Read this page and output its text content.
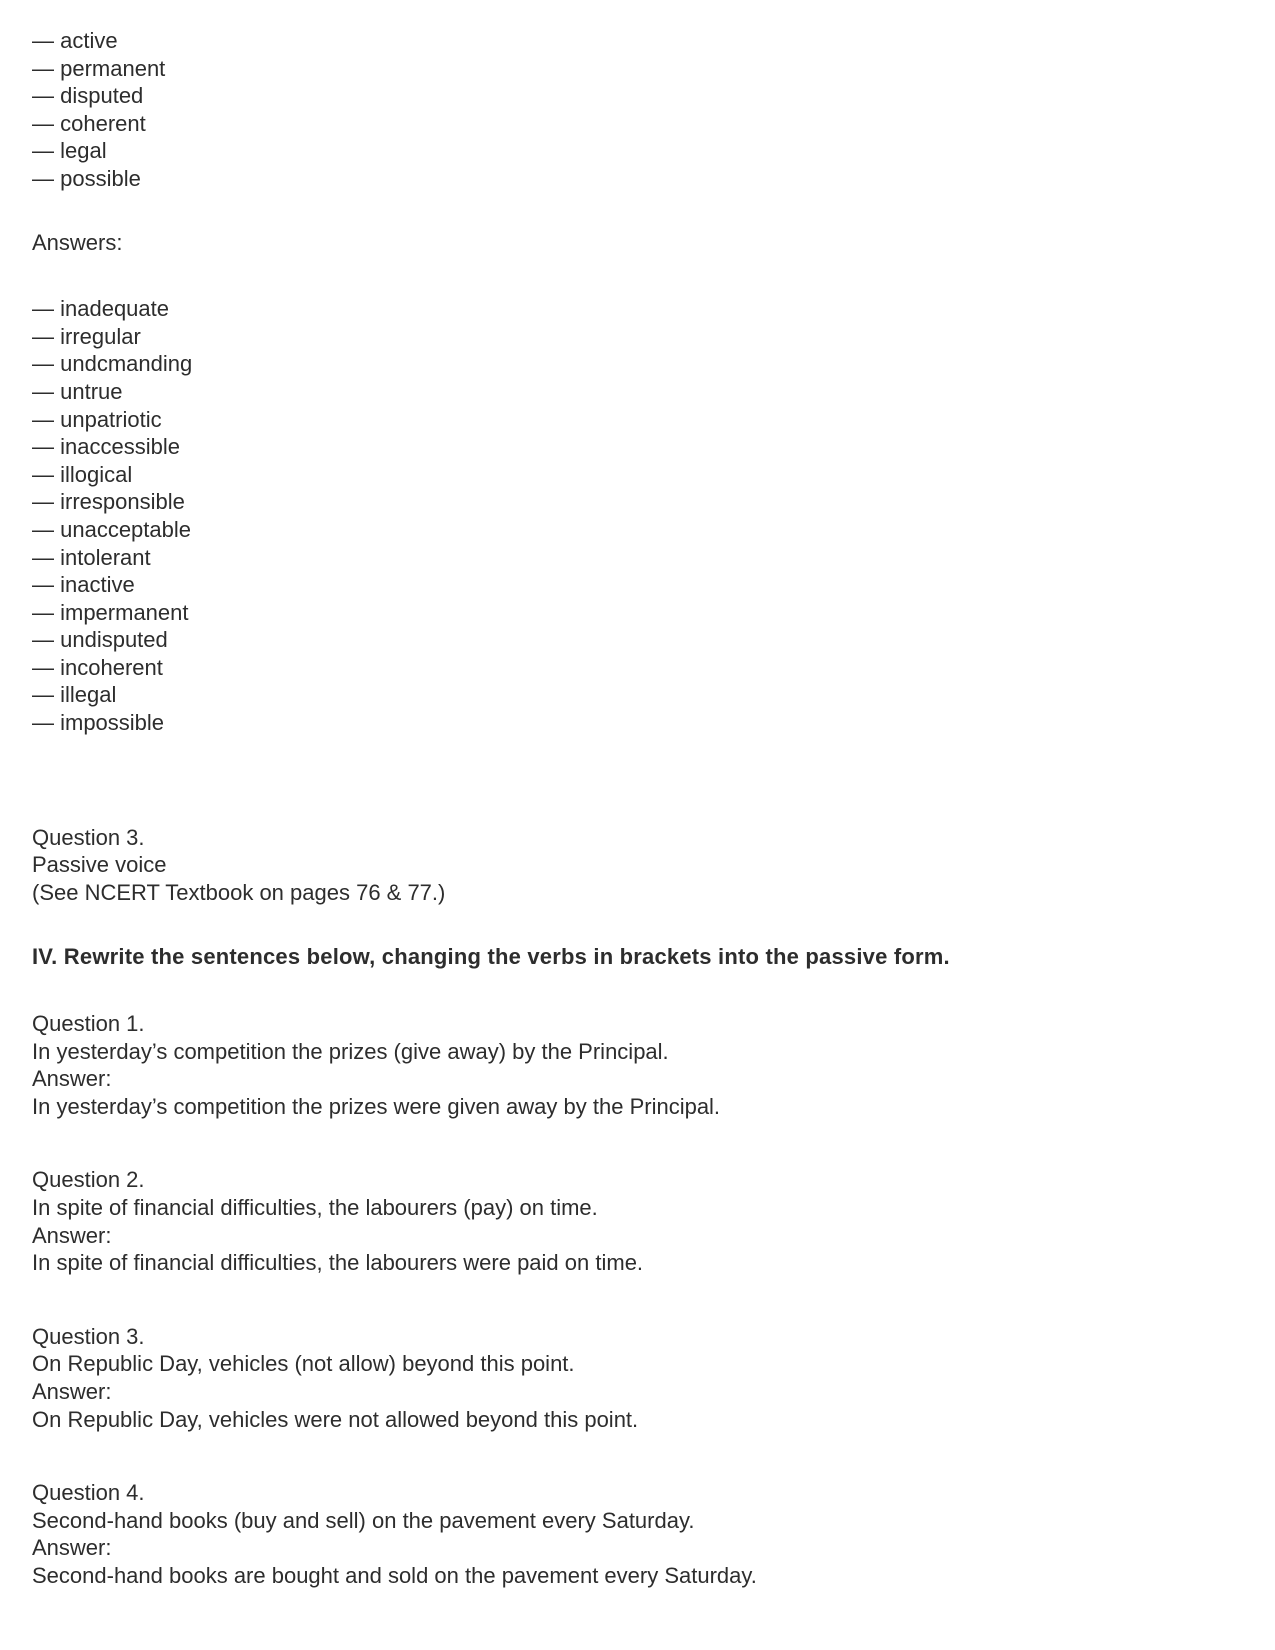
— active
— permanent
— disputed
— coherent
— legal
— possible

Answers:

— inadequate
— irregular
— undcmanding
— untrue
— unpatriotic
— inaccessible
— illogical
— irresponsible
— unacceptable
— intolerant
— inactive
— impermanent
— undisputed
— incoherent
— illegal
— impossible
Question 3.
Passive voice
(See NCERT Textbook on pages 76 & 77.)
IV. Rewrite the sentences below, changing the verbs in brackets into the passive form.
Question 1.
In yesterday’s competition the prizes (give away) by the Principal.
Answer:
In yesterday’s competition the prizes were given away by the Principal.
Question 2.
In spite of financial difficulties, the labourers (pay) on time.
Answer:
In spite of financial difficulties, the labourers were paid on time.
Question 3.
On Republic Day, vehicles (not allow) beyond this point.
Answer:
On Republic Day, vehicles were not allowed beyond this point.
Question 4.
Second-hand books (buy and sell) on the pavement every Saturday.
Answer:
Second-hand books are bought and sold on the pavement every Saturday.
